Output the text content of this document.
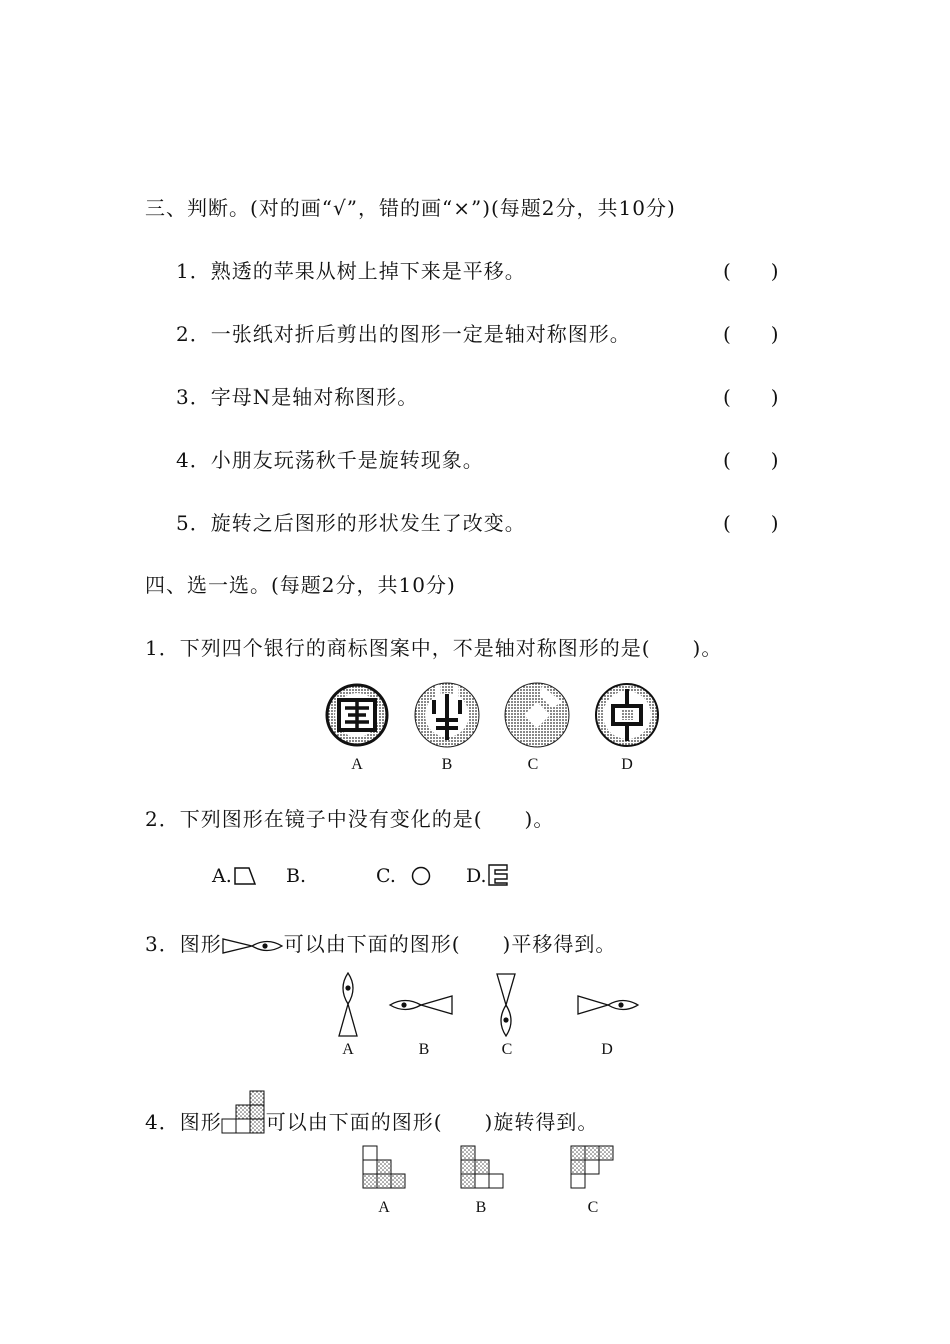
三、判断。(对的画“√”，错的画“×”)(每题2分，共10分)
1．熟透的苹果从树上掉下来是平移。	(　　)
2．一张纸对折后剪出的图形一定是轴对称图形。	(　　)
3．字母N是轴对称图形。	(　　)
4．小朋友玩荡秋千是旋转现象。	(　　)
5．旋转之后图形的形状发生了改变。	(　　)
四、选一选。(每题2分，共10分)
1．下列四个银行的商标图案中，不是轴对称图形的是(　　)。
A	B	C	D
2．下列图形在镜子中没有变化的是(　　)。
A.	B.	C.	D.
3．图形	可以由下面的图形(　　)平移得到。
A	B	C	D
4．图形 可以由下面的图形(　　)旋转得到。
A	B	C
